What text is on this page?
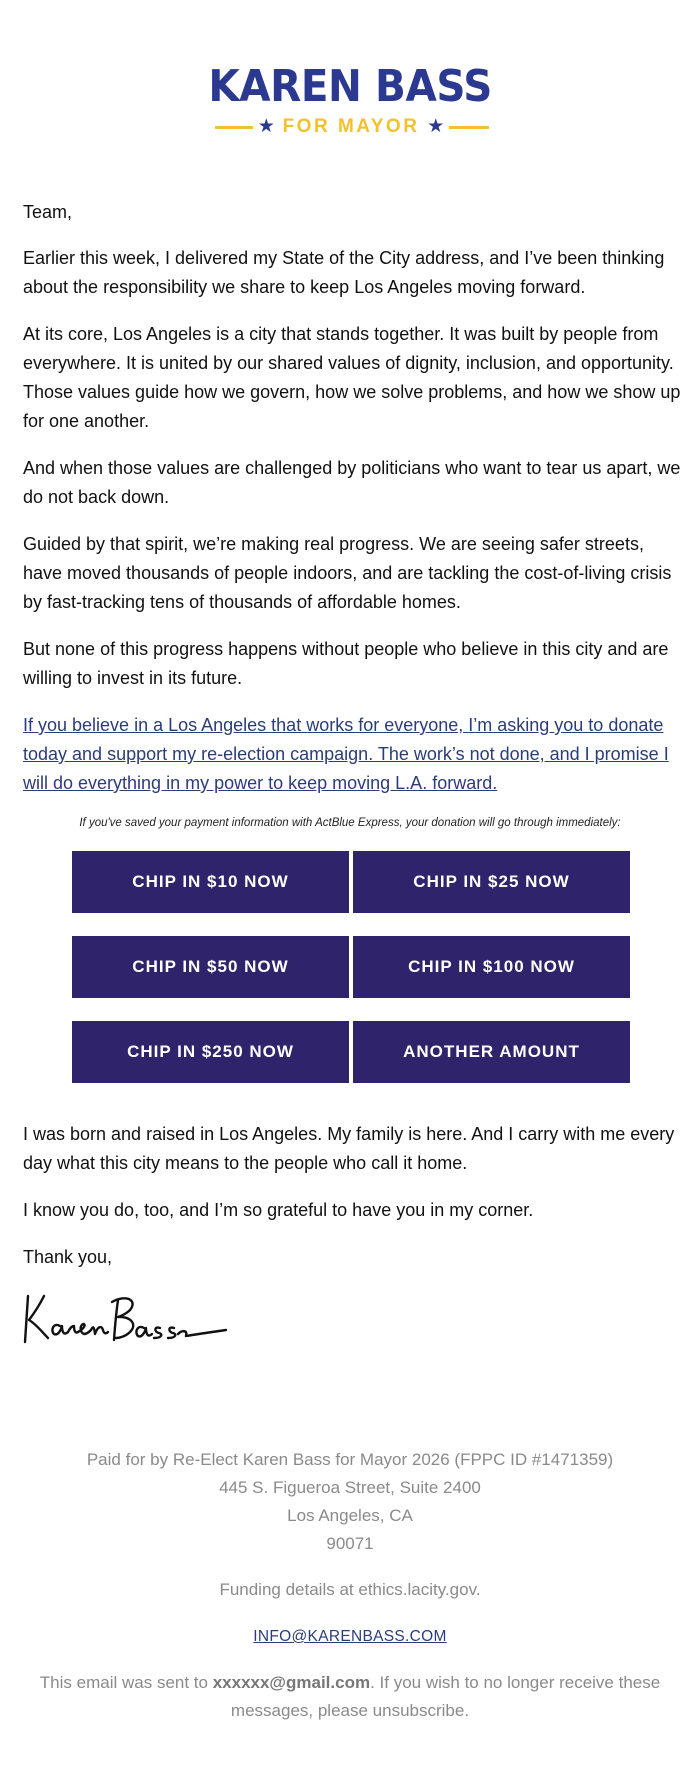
KAREN BASS
★ FOR MAYOR ★

Team,

Earlier this week, I delivered my State of the City address, and I’ve been thinking about the responsibility we share to keep Los Angeles moving forward.

At its core, Los Angeles is a city that stands together. It was built by people from everywhere. It is united by our shared values of dignity, inclusion, and opportunity. Those values guide how we govern, how we solve problems, and how we show up for one another.

And when those values are challenged by politicians who want to tear us apart, we do not back down.

Guided by that spirit, we’re making real progress. We are seeing safer streets, have moved thousands of people indoors, and are tackling the cost-of-living crisis by fast-tracking tens of thousands of affordable homes.

But none of this progress happens without people who believe in this city and are willing to invest in its future.

If you believe in a Los Angeles that works for everyone, I’m asking you to donate today and support my re-election campaign. The work’s not done, and I promise I will do everything in my power to keep moving L.A. forward.

If you've saved your payment information with ActBlue Express, your donation will go through immediately:
CHIP IN $10 NOW	CHIP IN $25 NOW
CHIP IN $50 NOW	CHIP IN $100 NOW
CHIP IN $250 NOW	ANOTHER AMOUNT

I was born and raised in Los Angeles. My family is here. And I carry with me every day what this city means to the people who call it home.

I know you do, too, and I’m so grateful to have you in my corner.

Thank you,

Paid for by Re-Elect Karen Bass for Mayor 2026 (FPPC ID #1471359)
445 S. Figueroa Street, Suite 2400
Los Angeles, CA
90071
Funding details at ethics.lacity.gov.
INFO@KARENBASS.COM
This email was sent to xxxxxx@gmail.com. If you wish to no longer receive these messages, please unsubscribe.
